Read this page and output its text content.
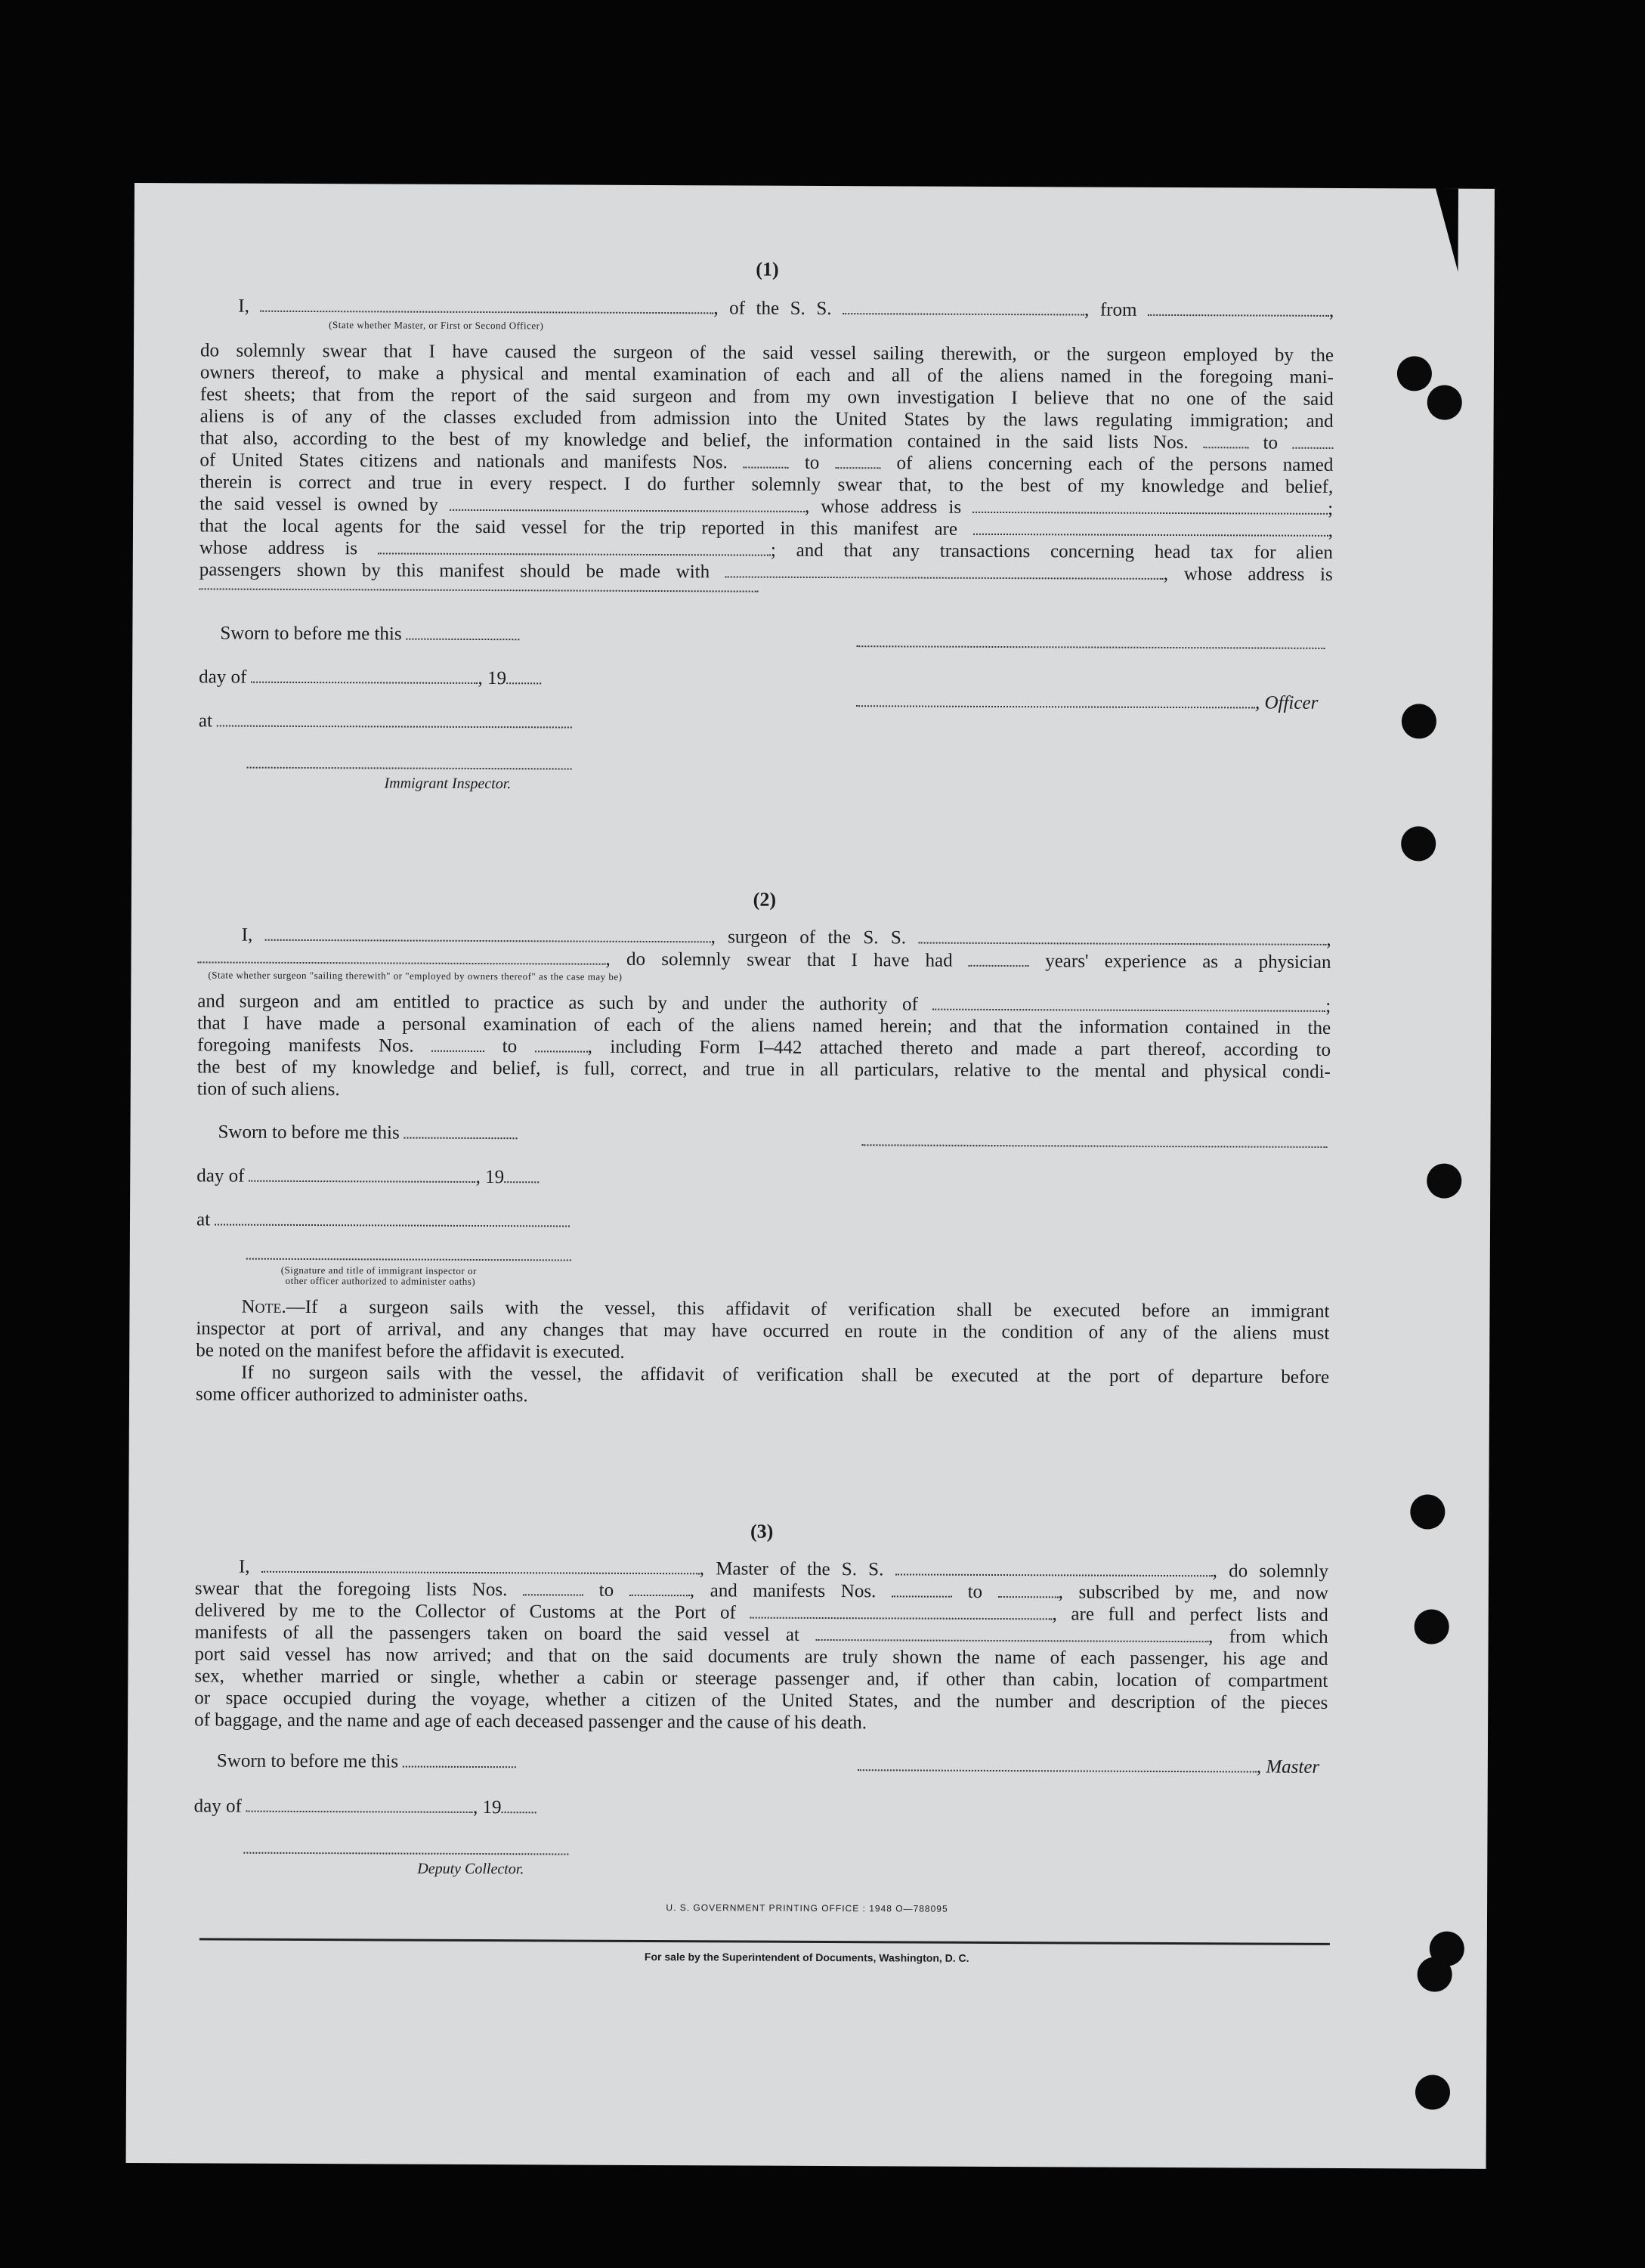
(1)
I,	, of the S. S.	, from	,
(State whether Master, or First or Second Officer)
do solemnly swear that I have caused the surgeon of the said vessel sailing therewith, or the surgeon employed by the
owners thereof, to make a physical and mental examination of each and all of the aliens named in the foregoing mani-
fest sheets; that from the report of the said surgeon and from my own investigation I believe that no one of the said
aliens is of any of the classes excluded from admission into the United States by the laws regulating immigration; and
that also, according to the best of my knowledge and belief, the information contained in the said lists Nos.	to
of United States citizens and nationals and manifests Nos.	to	of aliens concerning each of the persons named
therein is correct and true in every respect. I do further solemnly swear that, to the best of my knowledge and belief,
the said vessel is owned by	, whose address is	;
that the local agents for the said vessel for the trip reported in this manifest are	,
whose address is	; and that any transactions concerning head tax for alien
passengers shown by this manifest should be made with	, whose address is
Sworn to before me this
day of	, 19
, Officer
at
Immigrant Inspector.
(2)
I,	, surgeon of the S. S.	,
, do solemnly swear that I have had	years' experience as a physician
(State whether surgeon "sailing therewith" or "employed by owners thereof" as the case may be)
and surgeon and am entitled to practice as such by and under the authority of	;
that I have made a personal examination of each of the aliens named herein; and that the information contained in the
foregoing manifests Nos.	to	, including Form I–442 attached thereto and made a part thereof, according to
the best of my knowledge and belief, is full, correct, and true in all particulars, relative to the mental and physical condi-
tion of such aliens.
Sworn to before me this
day of	, 19
at
(Signature and title of immigrant inspector or
other officer authorized to administer oaths)
Note.—If a surgeon sails with the vessel, this affidavit of verification shall be executed before an immigrant
inspector at port of arrival, and any changes that may have occurred en route in the condition of any of the aliens must
be noted on the manifest before the affidavit is executed.
If no surgeon sails with the vessel, the affidavit of verification shall be executed at the port of departure before
some officer authorized to administer oaths.
(3)
I,	, Master of the S. S.	, do solemnly
swear that the foregoing lists Nos.	to	, and manifests Nos.	to	, subscribed by me, and now
delivered by me to the Collector of Customs at the Port of	, are full and perfect lists and
manifests of all the passengers taken on board the said vessel at	, from which
port said vessel has now arrived; and that on the said documents are truly shown the name of each passenger, his age and
sex, whether married or single, whether a cabin or steerage passenger and, if other than cabin, location of compartment
or space occupied during the voyage, whether a citizen of the United States, and the number and description of the pieces
of baggage, and the name and age of each deceased passenger and the cause of his death.
Sworn to before me this	, Master
day of	, 19
Deputy Collector.
U. S. GOVERNMENT PRINTING OFFICE : 1948 O—788095
For sale by the Superintendent of Documents, Washington, D. C.
